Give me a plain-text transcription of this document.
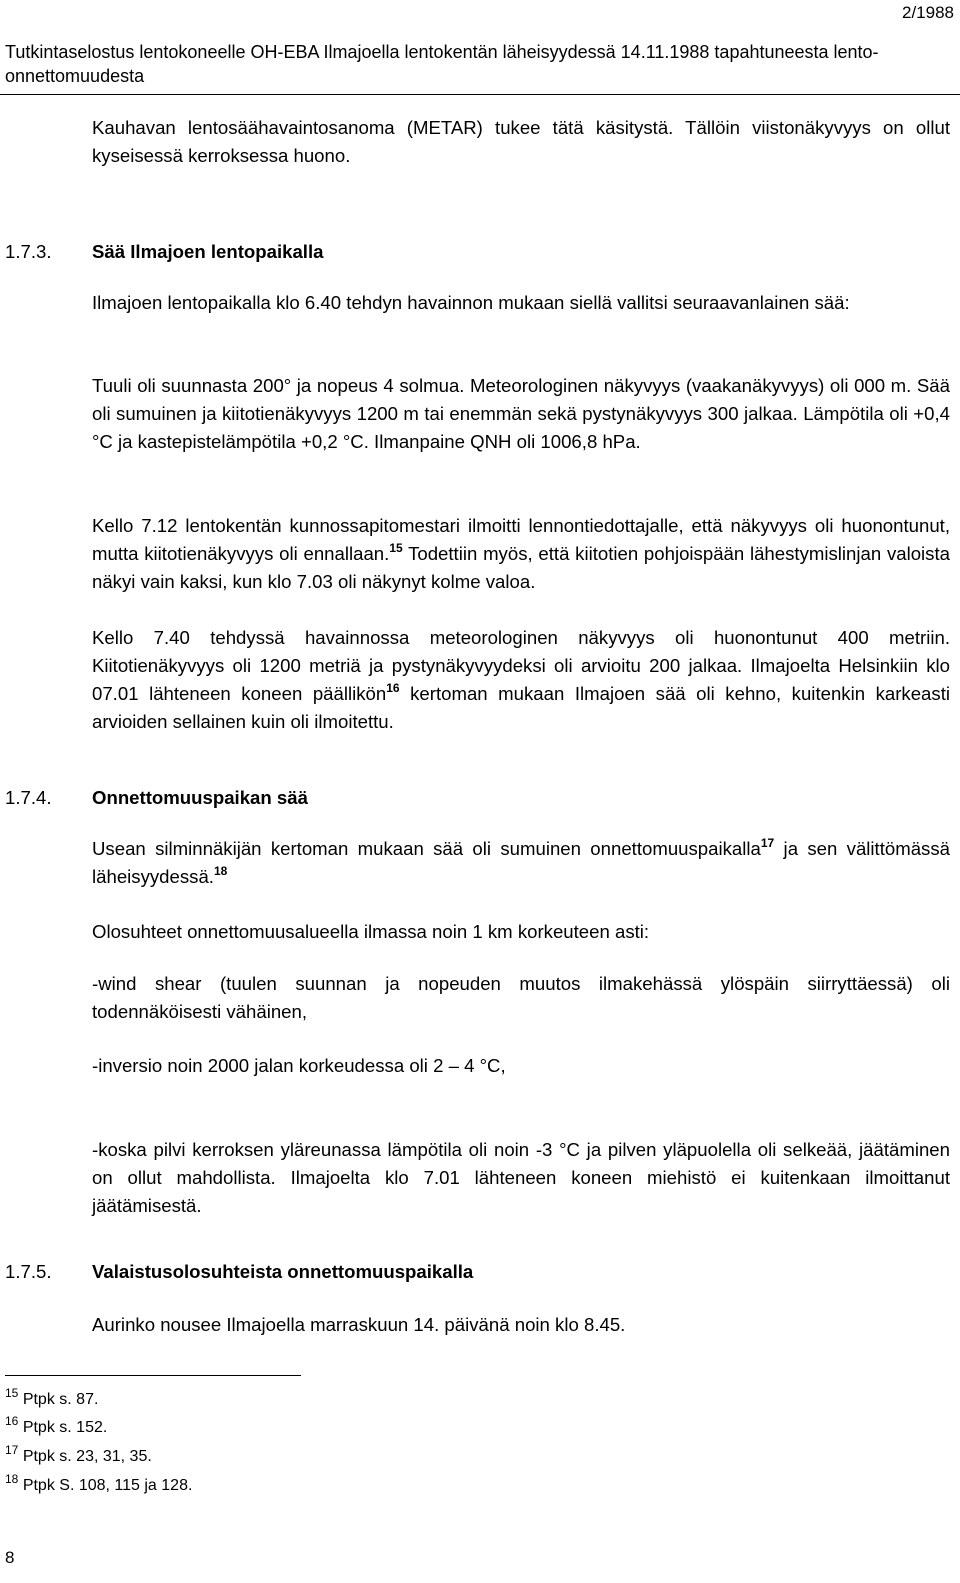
2/1988
Tutkintaselostus lentokoneelle OH-EBA Ilmajoella lentokentän läheisyydessä 14.11.1988 tapahtuneesta lento-onnettomuudesta
Kauhavan lentosäähavaintosanoma (METAR) tukee tätä käsitystä. Tällöin viistonäkyvyys on ollut kyseisessä kerroksessa huono.
1.7.3. Sää Ilmajoen lentopaikalla
Ilmajoen lentopaikalla klo 6.40 tehdyn havainnon mukaan siellä vallitsi seuraavanlainen sää:
Tuuli oli suunnasta 200° ja nopeus 4 solmua. Meteorologinen näkyvyys (vaakanäkyvyys) oli 000 m. Sää oli sumuinen ja kiitotienäkyvyys 1200 m tai enemmän sekä pystynäkyvyys 300 jalkaa. Lämpötila oli +0,4 °C ja kastepistelämpötila +0,2 °C. Ilmanpaine QNH oli 1006,8 hPa.
Kello 7.12 lentokentän kunnossapitomestari ilmoitti lennontiedottajalle, että näkyvyys oli huonontunut, mutta kiitotienäkyvyys oli ennallaan.$^{15}$ Todettiin myös, että kiitotien pohjoispään lähestymislinjan valoista näkyi vain kaksi, kun klo 7.03 oli näkynyt kolme valoa.
Kello 7.40 tehdyssä havainnossa meteorologinen näkyvyys oli huonontunut 400 metriin. Kiitotienäkyvyys oli 1200 metriä ja pystynäkyvyydeksi oli arvioitu 200 jalkaa. Ilmajoelta Helsinkiin klo 07.01 lähteneen koneen päällikön$^{16}$ kertoman mukaan Ilmajoen sää oli kehno, kuitenkin karkeasti arvioiden sellainen kuin oli ilmoitettu.
1.7.4. Onnettomuuspaikan sää
Usean silminnäkijän kertoman mukaan sää oli sumuinen onnettomuuspaikalla$^{17}$ ja sen välittömässä läheisyydessä.$^{18}$
Olosuhteet onnettomuusalueella ilmassa noin 1 km korkeuteen asti:
-wind shear (tuulen suunnan ja nopeuden muutos ilmakehässä ylöspäin siirryttäessä) oli todennäköisesti vähäinen,
-inversio noin 2000 jalan korkeudessa oli 2 – 4 °C,
-koska pilvi kerroksen yläreunassa lämpötila oli noin -3 °C ja pilven yläpuolella oli selkeää, jäätäminen on ollut mahdollista. Ilmajoelta klo 7.01 lähteneen koneen miehistö ei kuitenkaan ilmoittanut jäätämisestä.
1.7.5. Valaistusolosuhteista onnettomuuspaikalla
Aurinko nousee Ilmajoella marraskuun 14. päivänä noin klo 8.45.
$^{15}$ Ptpk s. 87.
$^{16}$ Ptpk s. 152.
$^{17}$ Ptpk s. 23, 31, 35.
$^{18}$ Ptpk S. 108, 115 ja 128.
8
